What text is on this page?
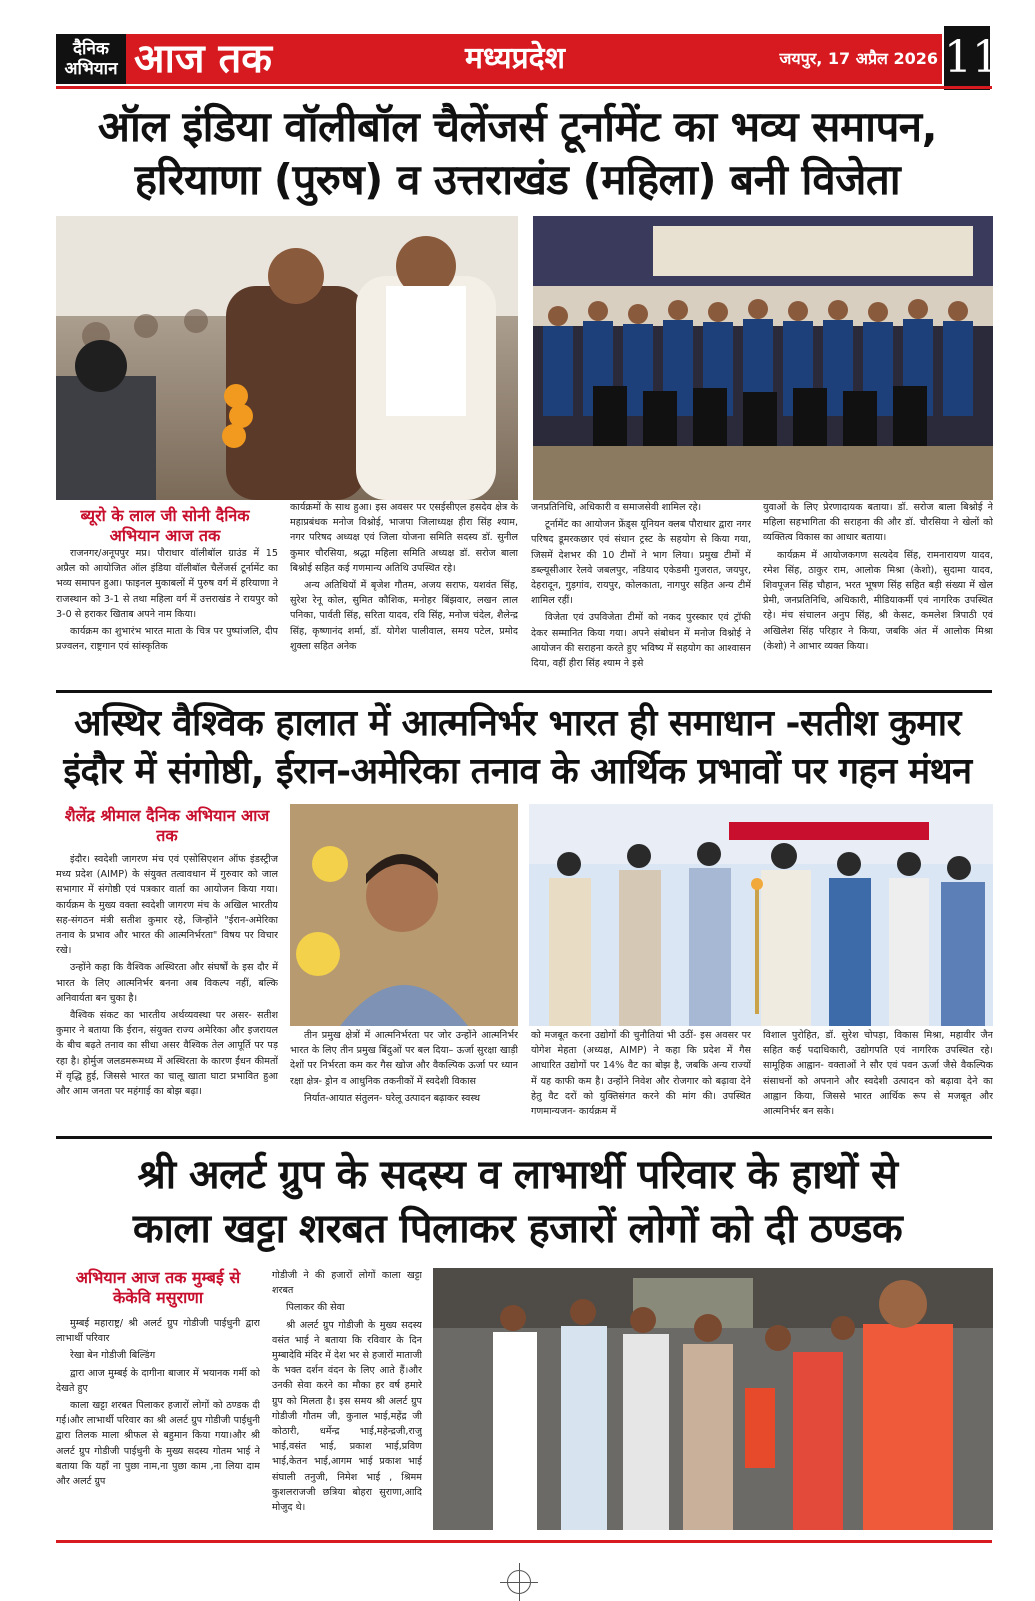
दैनिक अभियान आज तक	मध्यप्रदेश	जयपुर, 17 अप्रैल 2026 11
ऑल इंडिया वॉलीबॉल चैलेंजर्स टूर्नामेंट का भव्य समापन,
हरियाणा (पुरुष) व उत्तराखंड (महिला) बनी विजेता
ब्यूरो के लाल जी सोनी दैनिक अभियान आज तक

राजनगर/अनूपपुर मप्र। पौराधार वॉलीबॉल ग्राउंड में 15 अप्रैल को आयोजित ऑल इंडिया वॉलीबॉल चैलेंजर्स टूर्नामेंट का भव्य समापन हुआ। फाइनल मुकाबलों में पुरुष वर्ग में हरियाणा ने राजस्थान को 3-1 से तथा महिला वर्ग में उत्तराखंड ने रायपुर को 3-0 से हराकर खिताब अपने नाम किया।

कार्यक्रम का शुभारंभ भारत माता के चित्र पर पुष्पांजलि, दीप प्रज्वलन, राष्ट्रगान एवं सांस्कृतिक

कार्यक्रमों के साथ हुआ। इस अवसर पर एसईसीएल हसदेव क्षेत्र के महाप्रबंधक मनोज विश्नोई, भाजपा जिलाध्यक्ष हीरा सिंह श्याम, नगर परिषद अध्यक्ष एवं जिला योजना समिति सदस्य डॉ. सुनील कुमार चौरसिया, श्रद्धा महिला समिति अध्यक्ष डॉ. सरोज बाला बिश्नोई सहित कई गणमान्य अतिथि उपस्थित रहे।

अन्य अतिथियों में बृजेश गौतम, अजय सराफ, यशवंत सिंह, सुरेश रेनू कोल, सुमित कौशिक, मनोहर बिंझवार, लखन लाल पनिका, पार्वती सिंह, सरिता यादव, रवि सिंह, मनोज चंदेल, शैलेन्द्र सिंह, कृष्णानंद शर्मा, डॉ. योगेश पालीवाल, समय पटेल, प्रमोद शुक्ला सहित अनेक

जनप्रतिनिधि, अधिकारी व समाजसेवी शामिल रहे।

टूर्नामेंट का आयोजन फ्रेंड्स यूनियन क्लब पौराधार द्वारा नगर परिषद डूमरकछार एवं संधान ट्रस्ट के सहयोग से किया गया, जिसमें देशभर की 10 टीमों ने भाग लिया। प्रमुख टीमों में डब्ल्यूसीआर रेलवे जबलपुर, नडियाद एकेडमी गुजरात, जयपुर, देहरादून, गुड़गांव, रायपुर, कोलकाता, नागपुर सहित अन्य टीमें शामिल रहीं।

विजेता एवं उपविजेता टीमों को नकद पुरस्कार एवं ट्रॉफी देकर सम्मानित किया गया। अपने संबोधन में मनोज विश्नोई ने आयोजन की सराहना करते हुए भविष्य में सहयोग का आश्वासन दिया, वहीं हीरा सिंह श्याम ने इसे

युवाओं के लिए प्रेरणादायक बताया। डॉ. सरोज बाला बिश्नोई ने महिला सहभागिता की सराहना की और डॉ. चौरसिया ने खेलों को व्यक्तित्व विकास का आधार बताया।

कार्यक्रम में आयोजकगण सत्यदेव सिंह, रामनारायण यादव, रमेश सिंह, ठाकुर राम, आलोक मिश्रा (केशो), सुदामा यादव, शिवपूजन सिंह चौहान, भरत भूषण सिंह सहित बड़ी संख्या में खेल प्रेमी, जनप्रतिनिधि, अधिकारी, मीडियाकर्मी एवं नागरिक उपस्थित रहे। मंच संचालन अनुप सिंह, श्री केसट, कमलेश त्रिपाठी एवं अखिलेश सिंह परिहार ने किया, जबकि अंत में आलोक मिश्रा (केशो) ने आभार व्यक्त किया।

अस्थिर वैश्विक हालात में आत्मनिर्भर भारत ही समाधान -सतीश कुमार
इंदौर में संगोष्ठी, ईरान-अमेरिका तनाव के आर्थिक प्रभावों पर गहन मंथन
शैलेंद्र श्रीमाल दैनिक अभियान आज तक

इंदौर। स्वदेशी जागरण मंच एवं एसोसिएशन ऑफ इंडस्ट्रीज मध्य प्रदेश (AIMP) के संयुक्त तत्वावधान में गुरुवार को जाल सभागार में संगोष्ठी एवं पत्रकार वार्ता का आयोजन किया गया। कार्यक्रम के मुख्य वक्ता स्वदेशी जागरण मंच के अखिल भारतीय सह-संगठन मंत्री सतीश कुमार रहे, जिन्होंने "ईरान-अमेरिका तनाव के प्रभाव और भारत की आत्मनिर्भरता" विषय पर विचार रखे।

उन्होंने कहा कि वैश्विक अस्थिरता और संघर्षों के इस दौर में भारत के लिए आत्मनिर्भर बनना अब विकल्प नहीं, बल्कि अनिवार्यता बन चुका है।

वैश्विक संकट का भारतीय अर्थव्यवस्था पर असर- सतीश कुमार ने बताया कि ईरान, संयुक्त राज्य अमेरिका और इजरायल के बीच बढ़ते तनाव का सीधा असर वैश्विक तेल आपूर्ति पर पड़ रहा है। होर्मुज जलडमरूमध्य में अस्थिरता के कारण ईंधन कीमतों में वृद्धि हुई, जिससे भारत का चालू खाता घाटा प्रभावित हुआ और आम जनता पर महंगाई का बोझ बढ़ा।

तीन प्रमुख क्षेत्रों में आत्मनिर्भरता पर जोर उन्होंने आत्मनिर्भर भारत के लिए तीन प्रमुख बिंदुओं पर बल दिया– ऊर्जा सुरक्षा खाड़ी देशों पर निर्भरता कम कर गैस खोज और वैकल्पिक ऊर्जा पर ध्यान रक्षा क्षेत्र- ड्रोन व आधुनिक तकनीकों में स्वदेशी विकास

निर्यात-आयात संतुलन- घरेलू उत्पादन बढ़ाकर स्वस्थ

को मजबूत करना उद्योगों की चुनौतियां भी उठीं- इस अवसर पर योगेश मेहता (अध्यक्ष, AIMP) ने कहा कि प्रदेश में गैस आधारित उद्योगों पर 14% वैट का बोझ है, जबकि अन्य राज्यों में यह काफी कम है। उन्होंने निवेश और रोजगार को बढ़ावा देने हेतु वैट दरों को युक्तिसंगत करने की मांग की। उपस्थित गणमान्यजन- कार्यक्रम में

विशाल पुरोहित, डॉ. सुरेश चोपड़ा, विकास मिश्रा, महावीर जैन सहित कई पदाधिकारी, उद्योगपति एवं नागरिक उपस्थित रहे। सामूहिक आह्वान- वक्ताओं ने सौर एवं पवन ऊर्जा जैसे वैकल्पिक संसाधनों को अपनाने और स्वदेशी उत्पादन को बढ़ावा देने का आह्वान किया, जिससे भारत आर्थिक रूप से मजबूत और आत्मनिर्भर बन सके।

श्री अलर्ट ग्रुप के सदस्य व लाभार्थी परिवार के हाथों से
काला खट्टा शरबत पिलाकर हजारों लोगों को दी ठण्डक
अभियान आज तक मुम्बई से केकेवि मसुराणा

मुम्बई महाराष्ट्र/ श्री अलर्ट ग्रुप गोडीजी पाईधुनी द्वारा लाभार्थी परिवार

रेखा बेन गोडीजी बिल्डिंग

द्वारा आज मुम्बई के दागीना बाजार में भयानक गर्मी को देखते हुए

काला खट्टा शरबत पिलाकर हजारों लोगों को ठण्डक दी गई।और लाभार्थी परिवार का श्री अलर्ट ग्रुप गोडीजी पाईधुनी द्वारा तिलक माला श्रीफल से बहुमान किया गया।और श्री अलर्ट ग्रुप गोडीजी पाईधुनी के मुख्य सदस्य गोतम भाई ने बताया कि यहाँ ना पुछा नाम,ना पुछा काम ,ना लिया दाम और अलर्ट ग्रुप

गोडीजी ने की हजारों लोगों काला खट्टा शरबत

पिलाकर की सेवा

श्री अलर्ट ग्रुप गोडीजी के मुख्य सदस्य वसंत भाई ने बताया कि रविवार के दिन मुम्बादेवि मंदिर में देश भर से हजारों माताजी के भक्त दर्शन वंदन के लिए आते हैं।और उनकी सेवा करने का मौका हर वर्ष हमारे ग्रुप को मिलता है। इस समय श्री अलर्ट ग्रुप गोडीजी गौतम जी, कुनाल भाई,महेंद्र जी कोठारी, धर्मेन्द्र भाई,महेन्द्रजी,राजु भाई,वसंत भाई, प्रकाश भाई,प्रविण भाई,केतन भाई,आगम भाई प्रकाश भाई संघाली तनुजी, निमेश भाई , श्रिमम कुशलराजजी छत्रिया बोहरा सुराणा,आदि मोजुद थे।
